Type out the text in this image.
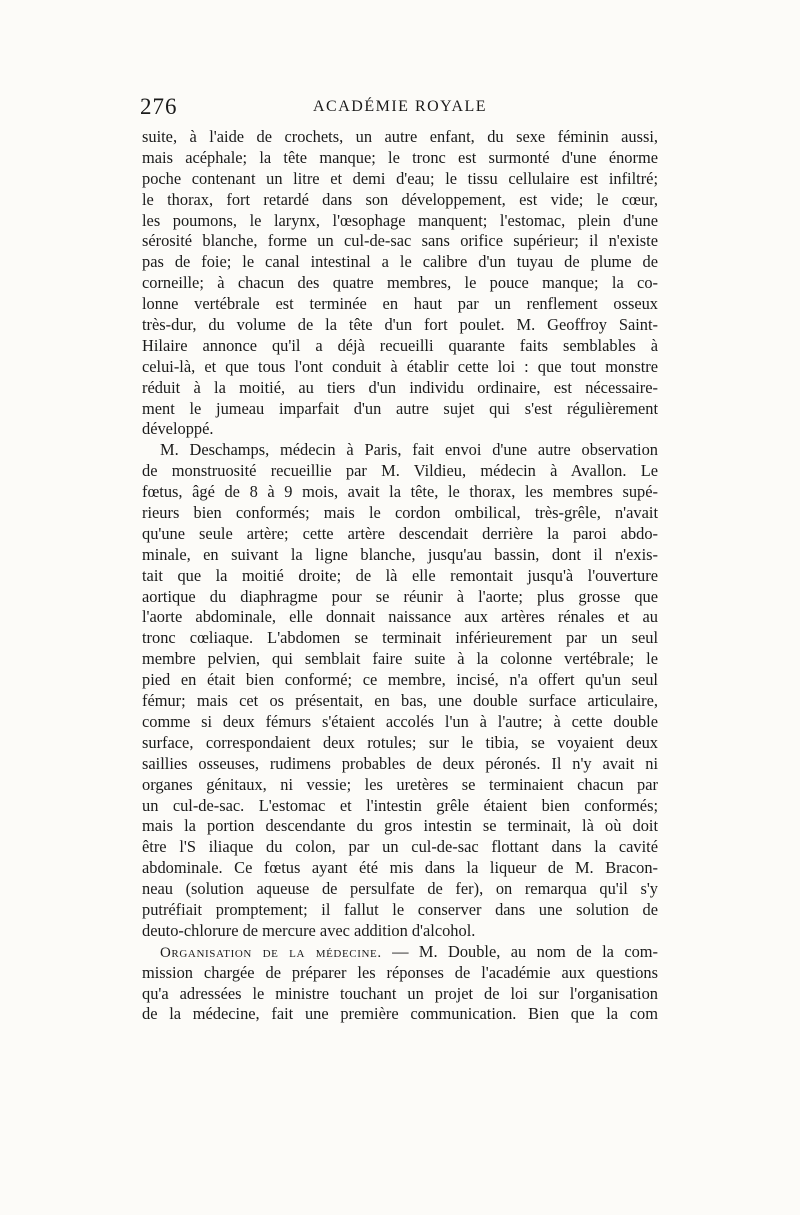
276	ACADÉMIE ROYALE
suite, à l'aide de crochets, un autre enfant, du sexe féminin aussi,
mais acéphale; la tête manque; le tronc est surmonté d'une énorme
poche contenant un litre et demi d'eau; le tissu cellulaire est infiltré;
le thorax, fort retardé dans son développement, est vide; le cœur,
les poumons, le larynx, l'œsophage manquent; l'estomac, plein d'une
sérosité blanche, forme un cul-de-sac sans orifice supérieur; il n'existe
pas de foie; le canal intestinal a le calibre d'un tuyau de plume de
corneille; à chacun des quatre membres, le pouce manque; la co-
lonne vertébrale est terminée en haut par un renflement osseux
très-dur, du volume de la tête d'un fort poulet. M. Geoffroy Saint-
Hilaire annonce qu'il a déjà recueilli quarante faits semblables à
celui-là, et que tous l'ont conduit à établir cette loi : que tout monstre
réduit à la moitié, au tiers d'un individu ordinaire, est nécessaire-
ment le jumeau imparfait d'un autre sujet qui s'est régulièrement
développé.
M. Deschamps, médecin à Paris, fait envoi d'une autre observation
de monstruosité recueillie par M. Vildieu, médecin à Avallon. Le
fœtus, âgé de 8 à 9 mois, avait la tête, le thorax, les membres supé-
rieurs bien conformés; mais le cordon ombilical, très-grêle, n'avait
qu'une seule artère; cette artère descendait derrière la paroi abdo-
minale, en suivant la ligne blanche, jusqu'au bassin, dont il n'exis-
tait que la moitié droite; de là elle remontait jusqu'à l'ouverture
aortique du diaphragme pour se réunir à l'aorte; plus grosse que
l'aorte abdominale, elle donnait naissance aux artères rénales et au
tronc cœliaque. L'abdomen se terminait inférieurement par un seul
membre pelvien, qui semblait faire suite à la colonne vertébrale; le
pied en était bien conformé; ce membre, incisé, n'a offert qu'un seul
fémur; mais cet os présentait, en bas, une double surface articulaire,
comme si deux fémurs s'étaient accolés l'un à l'autre; à cette double
surface, correspondaient deux rotules; sur le tibia, se voyaient deux
saillies osseuses, rudimens probables de deux péronés. Il n'y avait ni
organes génitaux, ni vessie; les uretères se terminaient chacun par
un cul-de-sac. L'estomac et l'intestin grêle étaient bien conformés;
mais la portion descendante du gros intestin se terminait, là où doit
être l'S iliaque du colon, par un cul-de-sac flottant dans la cavité
abdominale. Ce fœtus ayant été mis dans la liqueur de M. Bracon-
neau (solution aqueuse de persulfate de fer), on remarqua qu'il s'y
putréfiait promptement; il fallut le conserver dans une solution de
deuto-chlorure de mercure avec addition d'alcohol.
Organisation de la médecine. — M. Double, au nom de la com-
mission chargée de préparer les réponses de l'académie aux questions
qu'a adressées le ministre touchant un projet de loi sur l'organisation
de la médecine, fait une première communication. Bien que la com
